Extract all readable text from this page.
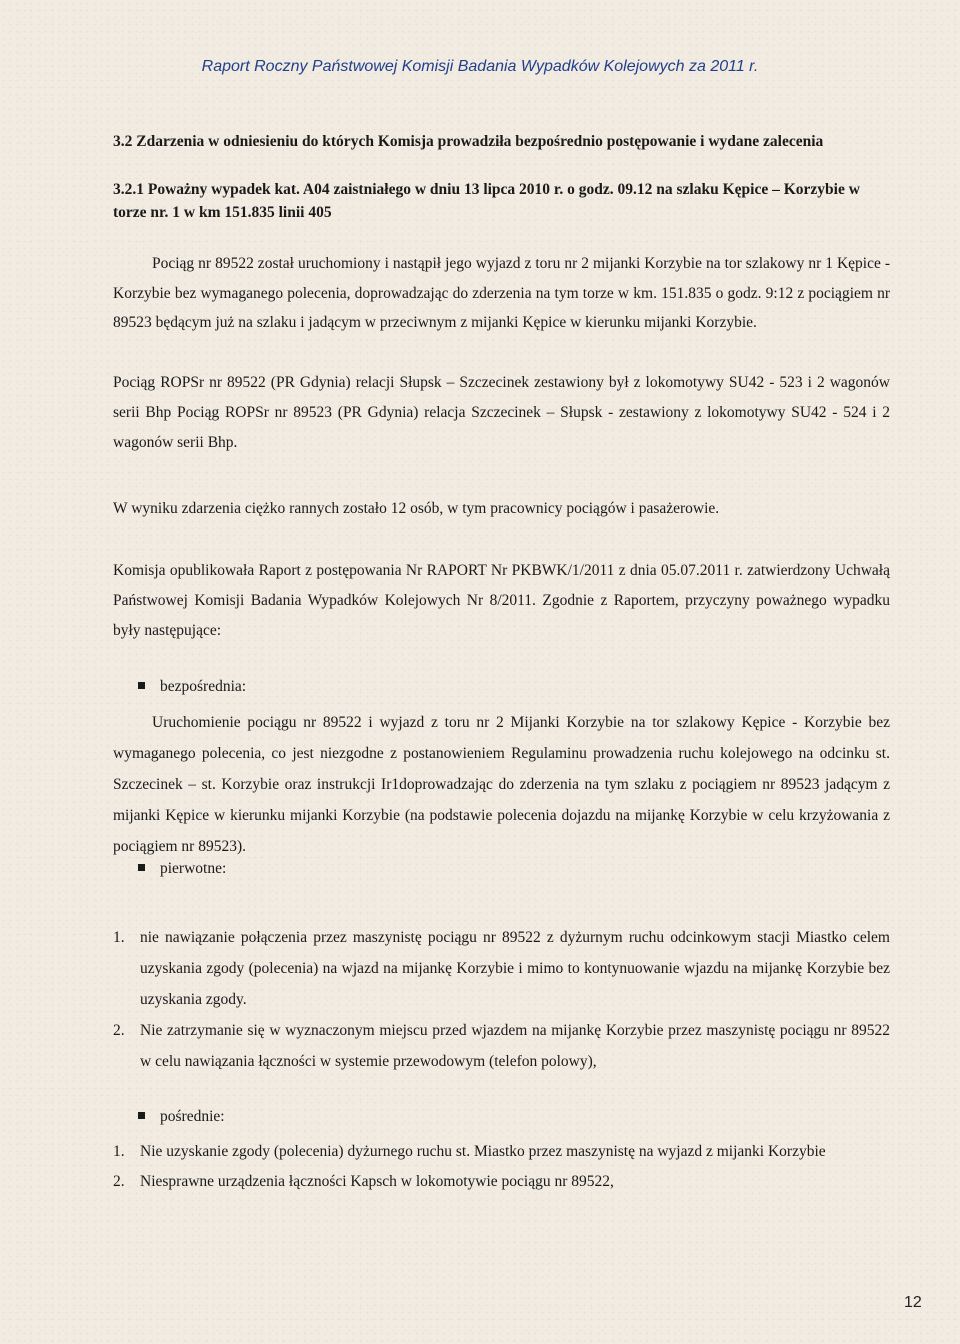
Raport Roczny Państwowej Komisji Badania Wypadków Kolejowych za 2011 r.
3.2 Zdarzenia w odniesieniu do których Komisja prowadziła bezpośrednio postępowanie i wydane zalecenia
3.2.1 Poważny wypadek kat. A04 zaistniałego w dniu 13 lipca 2010 r. o godz. 09.12 na szlaku Kępice – Korzybie w torze nr. 1 w km 151.835 linii 405
Pociąg nr 89522 został uruchomiony i nastąpił jego wyjazd z toru nr 2 mijanki Korzybie na tor szlakowy nr 1 Kępice - Korzybie bez wymaganego polecenia, doprowadzając do zderzenia na tym torze w km. 151.835 o godz. 9:12 z pociągiem nr 89523 będącym już na szlaku i jadącym w przeciwnym z mijanki Kępice w kierunku mijanki Korzybie.
Pociąg ROPSr nr 89522 (PR Gdynia) relacji Słupsk – Szczecinek zestawiony był z lokomotywy SU42 - 523 i 2 wagonów serii Bhp Pociąg ROPSr nr 89523 (PR Gdynia) relacja Szczecinek – Słupsk - zestawiony z lokomotywy SU42 - 524 i 2 wagonów serii Bhp.
W wyniku zdarzenia ciężko rannych zostało 12 osób, w tym pracownicy pociągów i pasażerowie.
Komisja opublikowała Raport z postępowania Nr RAPORT Nr PKBWK/1/2011 z dnia 05.07.2011 r. zatwierdzony Uchwałą Państwowej Komisji Badania Wypadków Kolejowych Nr 8/2011. Zgodnie z Raportem, przyczyny poważnego wypadku były następujące:
bezpośrednia:
Uruchomienie pociągu nr 89522 i wyjazd z toru nr 2 Mijanki Korzybie na tor szlakowy Kępice - Korzybie bez wymaganego polecenia, co jest niezgodne z postanowieniem Regulaminu prowadzenia ruchu kolejowego na odcinku st. Szczecinek – st. Korzybie oraz instrukcji Ir1doprowadzając do zderzenia na tym szlaku z pociągiem nr 89523 jadącym z mijanki Kępice w kierunku mijanki Korzybie (na podstawie polecenia dojazdu na mijankę Korzybie w celu krzyżowania z pociągiem nr 89523).
pierwotne:
1. nie nawiązanie połączenia przez maszynistę pociągu nr 89522 z dyżurnym ruchu odcinkowym stacji Miastko celem uzyskania zgody (polecenia) na wjazd na mijankę Korzybie i mimo to kontynuowanie wjazdu na mijankę Korzybie bez uzyskania zgody.
2. Nie zatrzymanie się w wyznaczonym miejscu przed wjazdem na mijankę Korzybie przez maszynistę pociągu nr 89522 w celu nawiązania łączności w systemie przewodowym (telefon polowy),
pośrednie:
1. Nie uzyskanie zgody (polecenia) dyżurnego ruchu st. Miastko przez maszynistę na wyjazd z mijanki Korzybie
2. Niesprawne urządzenia łączności Kapsch w lokomotywie pociągu nr 89522,
12
